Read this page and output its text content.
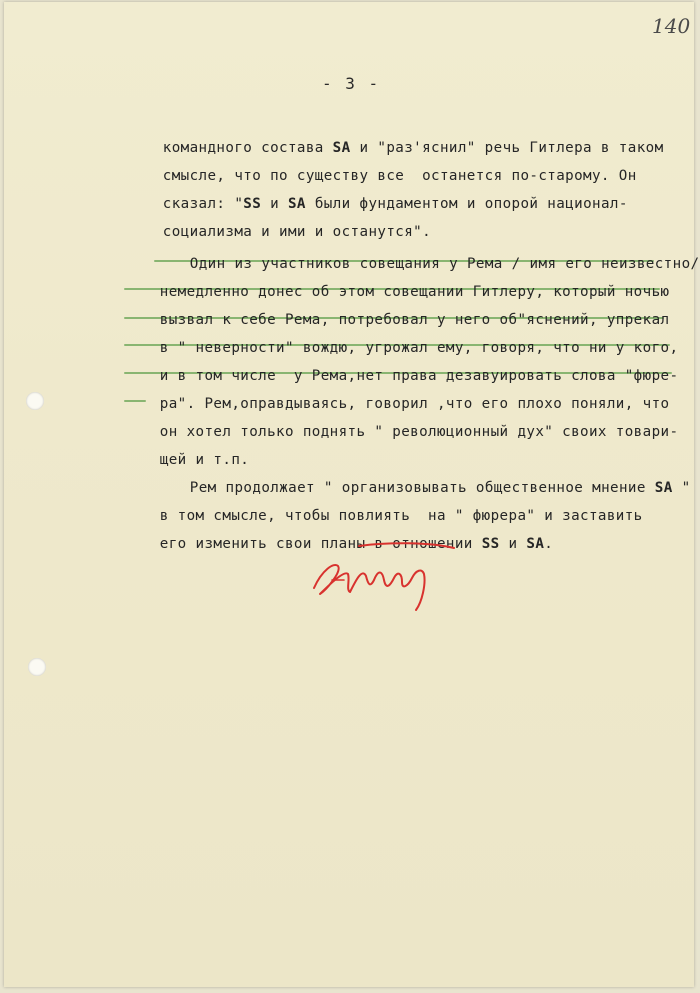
140
- 3 -

командного состава SA и "раз'яснил" речь Гитлера в таком

смысле, что по существу все  останется по-старому. Он

сказал: "SS и SA были фундаментом и опорой национал-

социализма и ими и останутся".

Один из участников совещания у Рема / имя его неизвестно/

немедленно донес об этом совещании Гитлеру, который ночью

вызвал к себе Рема, потребовал у него об"яснений, упрекал

в " неверности" вождю, угрожал ему, говоря, что ни у кого,

и в том числе  у Рема,нет права дезавуировать слова "фюре-

ра". Рем,оправдываясь, говорил ,что его плохо поняли, что

он хотел только поднять " революционный дух" своих товари-

щей и т.п.

Рем продолжает " организовывать общественное мнение SA "

в том смысле, чтобы повлиять  на " фюрера" и заставить

его изменить свои планы в отношении SS и SA.
